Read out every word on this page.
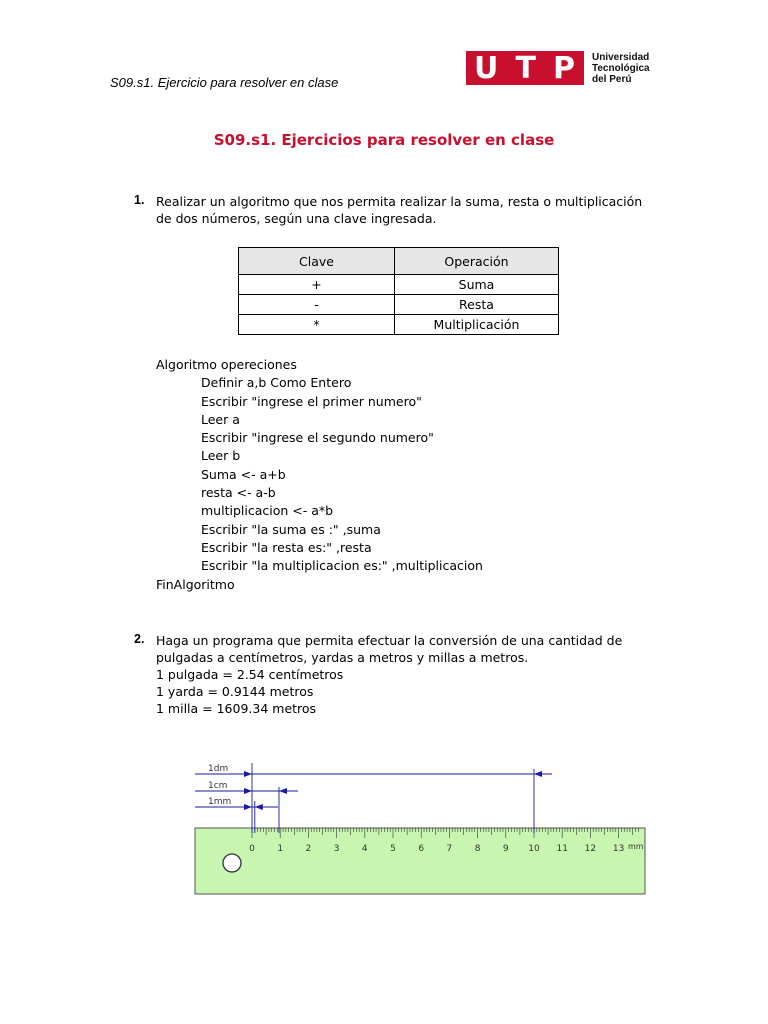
S09.s1. Ejercicio para resolver en clase	U T P Universidad
Tecnológica
del Perú
S09.s1. Ejercicios para resolver en clase
1. Realizar un algoritmo que nos permita realizar la suma, resta o multiplicación de dos números, según una clave ingresada.
Clave	Operación
+	Suma
-	Resta
*	Multiplicación
Algoritmo opereciones
Definir a,b Como Entero
Escribir "ingrese el primer numero"
Leer a
Escribir "ingrese el segundo numero"
Leer b
Suma <- a+b
resta <- a-b
multiplicacion <- a*b
Escribir "la suma es :" ,suma
Escribir "la resta es:" ,resta
Escribir "la multiplicacion es:" ,multiplicacion
FinAlgoritmo
2. Haga un programa que permita efectuar la conversión de una cantidad de pulgadas a centímetros, yardas a metros y millas a metros.
1 pulgada = 2.54 centímetros
1 yarda = 0.9144 metros
1 milla = 1609.34 metros
0 1 2 3 4 5 6 7 8 9 10 11 12 13 mm
1dm
1cm
1mm
